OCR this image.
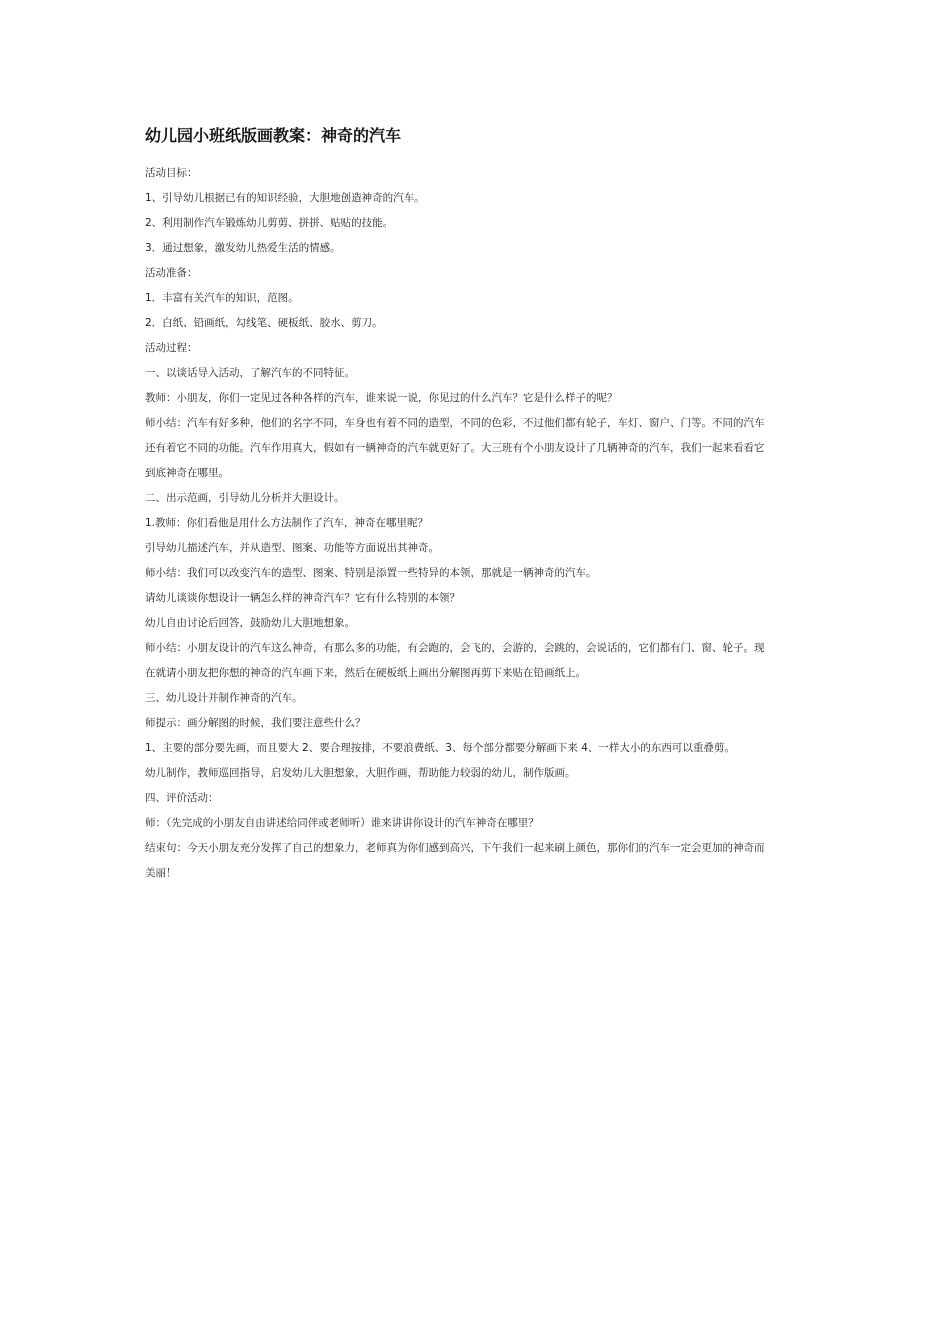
幼儿园小班纸版画教案：神奇的汽车

活动目标：

1、引导幼儿根据已有的知识经验，大胆地创造神奇的汽车。

2、利用制作汽车锻炼幼儿剪剪、拼拼、贴贴的技能。

3．通过想象，激发幼儿热爱生活的情感。

活动准备：

1．丰富有关汽车的知识，范图。

2．白纸、铅画纸，勾线笔、硬板纸、胶水、剪刀。

活动过程：

一、以谈话导入活动，了解汽车的不同特征。

教师：小朋友，你们一定见过各种各样的汽车，谁来说一说，你见过的什么汽车？它是什么样子的呢？

师小结：汽车有好多种，他们的名字不同，车身也有着不同的造型，不同的色彩，不过他们都有轮子，车灯、窗户、门等。不同的汽车

还有着它不同的功能。汽车作用真大，假如有一辆神奇的汽车就更好了。大三班有个小朋友设计了几辆神奇的汽车，我们一起来看看它

到底神奇在哪里。

二、出示范画，引导幼儿分析并大胆设计。

1.教师：你们看他是用什么方法制作了汽车，神奇在哪里呢？

引导幼儿描述汽车，并从造型、图案、功能等方面说出其神奇。

师小结：我们可以改变汽车的造型、图案、特别是添置一些特异的本领，那就是一辆神奇的汽车。

请幼儿谈谈你想设计一辆怎么样的神奇汽车？它有什么特别的本领？

幼儿自由讨论后回答，鼓励幼儿大胆地想象。

师小结：小朋友设计的汽车这么神奇，有那么多的功能，有会跑的，会飞的，会游的，会跳的，会说话的，它们都有门、窗、轮子。现

在就请小朋友把你想的神奇的汽车画下来，然后在硬板纸上画出分解图再剪下来贴在铅画纸上。

三、幼儿设计并制作神奇的汽车。

师提示：画分解图的时候，我们要注意些什么？

1、主要的部分要先画，而且要大 2、要合理按排，不要浪费纸、3、每个部分都要分解画下来 4、一样大小的东西可以重叠剪。

幼儿制作，教师巡回指导，启发幼儿大胆想象，大胆作画，帮助能力较弱的幼儿，制作版画。

四、评价活动：

师：（先完成的小朋友自由讲述给同伴或老师听）谁来讲讲你设计的汽车神奇在哪里？

结束句：今天小朋友充分发挥了自己的想象力，老师真为你们感到高兴，下午我们一起来刷上颜色，那你们的汽车一定会更加的神奇而

美丽！
